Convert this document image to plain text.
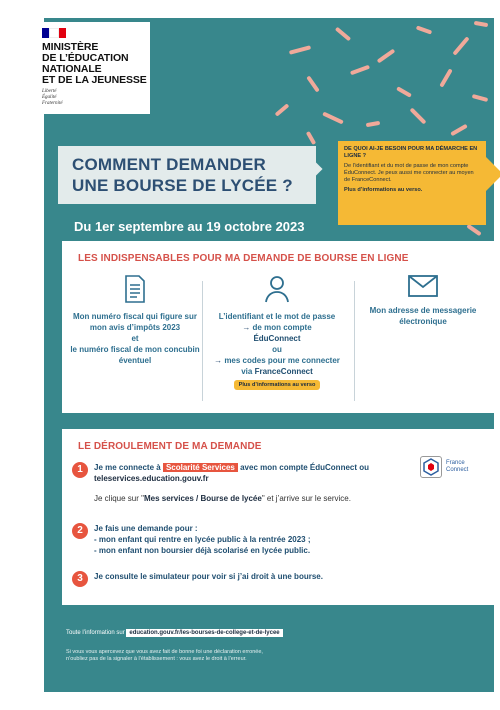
MINISTÈRE
DE L’ÉDUCATION
NATIONALE
ET DE LA JEUNESSE
Liberté
Égalité
Fraternité
COMMENT DEMANDER
UNE BOURSE DE LYCÉE ?
DE QUOI AI-JE BESOIN POUR MA DÉMARCHE EN LIGNE ?
De l’identifiant et du mot de passe de mon compte ÉduConnect. Je peux aussi me connecter au moyen de FranceConnect.
Plus d’informations au verso.
Du 1er septembre au 19 octobre 2023
LES INDISPENSABLES POUR MA DEMANDE DE BOURSE EN LIGNE
Mon numéro fiscal qui figure sur mon avis d’impôts 2023
et
le numéro fiscal de mon concubin éventuel
L’identifiant et le mot de passe
→ de mon compte
ÉduConnect
ou
→ mes codes pour me connecter
via FranceConnect
Plus d’informations au verso
Mon adresse de messagerie électronique
LE DÉROULEMENT DE MA DEMANDE
1	Je me connecte à Scolarité Services avec mon compte ÉduConnect ou
teleservices.education.gouv.fr
Je clique sur "Mes services / Bourse de lycée" et j’arrive sur le service.
France
Connect
2	Je fais une demande pour :
- mon enfant qui rentre en lycée public à la rentrée 2023 ;
- mon enfant non boursier déjà scolarisé en lycée public.
3	Je consulte le simulateur pour voir si j’ai droit à une bourse.
Toute l’information sur education.gouv.fr/les-bourses-de-college-et-de-lycee
Si vous vous apercevez que vous avez fait de bonne foi une déclaration erronée,
n’oubliez pas de la signaler à l’établissement : vous avez le droit à l’erreur.
